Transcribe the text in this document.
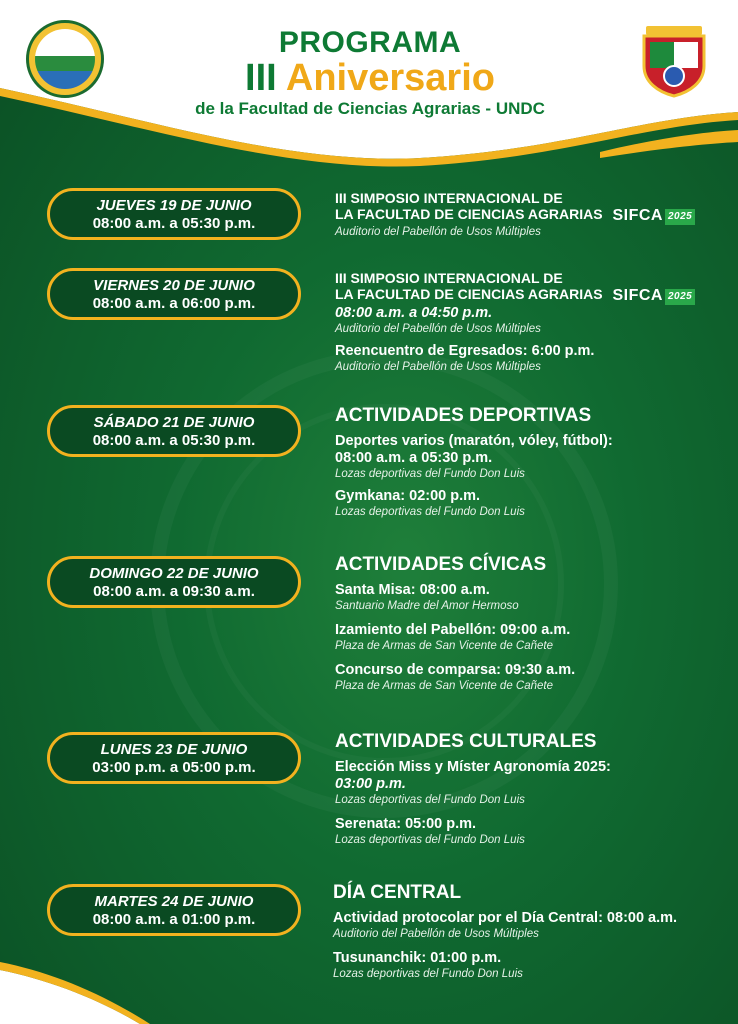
PROGRAMA
III Aniversario
de la Facultad de Ciencias Agrarias - UNDC
JUEVES 19 DE JUNIO
08:00 a.m. a 05:30 p.m.
VIERNES 20 DE JUNIO
08:00 a.m. a 06:00 p.m.
SÁBADO 21 DE JUNIO
08:00 a.m. a 05:30 p.m.
DOMINGO 22 DE JUNIO
08:00 a.m. a 09:30 a.m.
LUNES 23 DE JUNIO
03:00 p.m. a 05:00 p.m.
MARTES 24 DE JUNIO
08:00 a.m. a 01:00 p.m.
III SIMPOSIO INTERNACIONAL DE
LA FACULTAD DE CIENCIAS AGRARIAS SIFCA 2025
Auditorio del Pabellón de Usos Múltiples
III SIMPOSIO INTERNACIONAL DE
LA FACULTAD DE CIENCIAS AGRARIAS SIFCA 2025
08:00 a.m. a 04:50 p.m.
Auditorio del Pabellón de Usos Múltiples
Reencuentro de Egresados: 6:00 p.m.
Auditorio del Pabellón de Usos Múltiples
ACTIVIDADES DEPORTIVAS
Deportes varios (maratón, vóley, fútbol):
08:00 a.m. a 05:30 p.m.
Lozas deportivas del Fundo Don Luis
Gymkana: 02:00 p.m.
Lozas deportivas del Fundo Don Luis
ACTIVIDADES CÍVICAS
Santa Misa: 08:00 a.m.
Santuario Madre del Amor Hermoso
Izamiento del Pabellón: 09:00 a.m.
Plaza de Armas de San Vicente de Cañete
Concurso de comparsa: 09:30 a.m.
Plaza de Armas de San Vicente de Cañete
ACTIVIDADES CULTURALES
Elección Miss y Míster Agronomía 2025:
03:00 p.m.
Lozas deportivas del Fundo Don Luis
Serenata: 05:00 p.m.
Lozas deportivas del Fundo Don Luis
DÍA CENTRAL
Actividad protocolar por el Día Central: 08:00 a.m.
Auditorio del Pabellón de Usos Múltiples
Tusunanchik: 01:00 p.m.
Lozas deportivas del Fundo Don Luis
